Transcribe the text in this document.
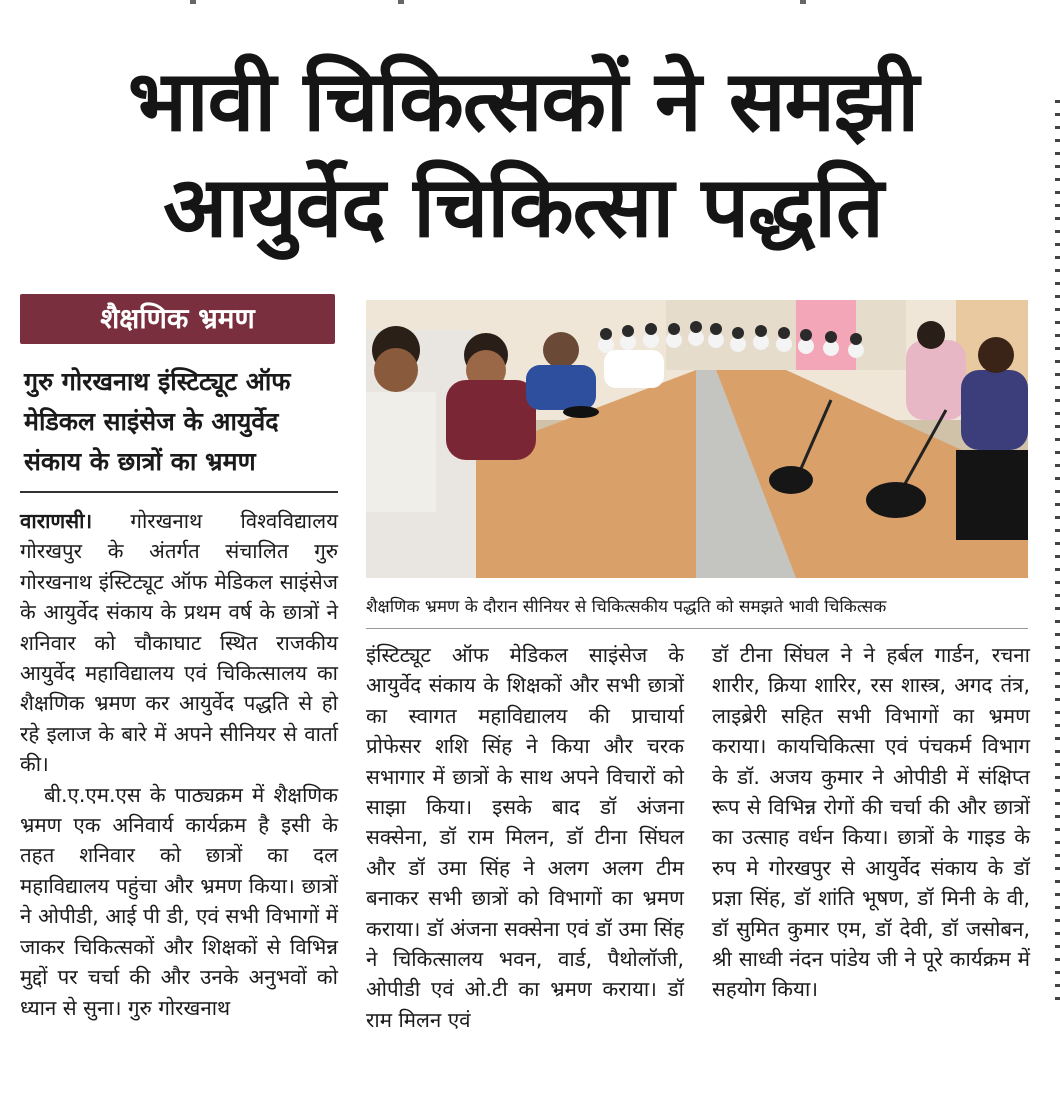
भावी चिकित्सकों ने समझी
आयुर्वेद चिकित्सा पद्धति
शैक्षणिक भ्रमण
गुरु गोरखनाथ इंस्टिट्यूट ऑफ मेडिकल साइंसेज के आयुर्वेद संकाय के छात्रों का भ्रमण
शैक्षणिक भ्रमण के दौरान सीनियर से चिकित्सकीय पद्धति को समझते भावी चिकित्सक

वाराणसी। गोरखनाथ विश्वविद्यालय गोरखपुर के अंतर्गत संचालित गुरु गोरखनाथ इंस्टिट्यूट ऑफ मेडिकल साइंसेज के आयुर्वेद संकाय के प्रथम वर्ष के छात्रों ने शनिवार को चौकाघाट स्थित राजकीय आयुर्वेद महाविद्यालय एवं चिकित्सालय का शैक्षणिक भ्रमण कर आयुर्वेद पद्धति से हो रहे इलाज के बारे में अपने सीनियर से वार्ता की।

बी.ए.एम.एस के पाठ्यक्रम में शैक्षणिक भ्रमण एक अनिवार्य कार्यक्रम है इसी के तहत शनिवार को छात्रों का दल महाविद्यालय पहुंचा और भ्रमण किया। छात्रों ने ओपीडी, आई पी डी, एवं सभी विभागों में जाकर चिकित्सकों और शिक्षकों से विभिन्न मुद्दों पर चर्चा की और उनके अनुभवों को ध्यान से सुना। गुरु गोरखनाथ

इंस्टिट्यूट ऑफ मेडिकल साइंसेज के आयुर्वेद संकाय के शिक्षकों और सभी छात्रों का स्वागत महाविद्यालय की प्राचार्या प्रोफेसर शशि सिंह ने किया और चरक सभागार में छात्रों के साथ अपने विचारों को साझा किया। इसके बाद डॉ अंजना सक्सेना, डॉ राम मिलन, डॉ टीना सिंघल और डॉ उमा सिंह ने अलग अलग टीम बनाकर सभी छात्रों को विभागों का भ्रमण कराया। डॉ अंजना सक्सेना एवं डॉ उमा सिंह ने चिकित्सालय भवन, वार्ड, पैथोलॉजी, ओपीडी एवं ओ.टी का भ्रमण कराया। डॉ राम मिलन एवं

डॉ टीना सिंघल ने ने हर्बल गार्डन, रचना शारीर, क्रिया शारिर, रस शास्त्र, अगद तंत्र, लाइब्रेरी सहित सभी विभागों का भ्रमण कराया। कायचिकित्सा एवं पंचकर्म विभाग के डॉ. अजय कुमार ने ओपीडी में संक्षिप्त रूप से विभिन्न रोगों की चर्चा की और छात्रों का उत्साह वर्धन किया। छात्रों के गाइड के रुप मे गोरखपुर से आयुर्वेद संकाय के डॉ प्रज्ञा सिंह, डॉ शांति भूषण, डॉ मिनी के वी, डॉ सुमित कुमार एम, डॉ देवी, डॉ जसोबन, श्री साध्वी नंदन पांडेय जी ने पूरे कार्यक्रम में सहयोग किया।
